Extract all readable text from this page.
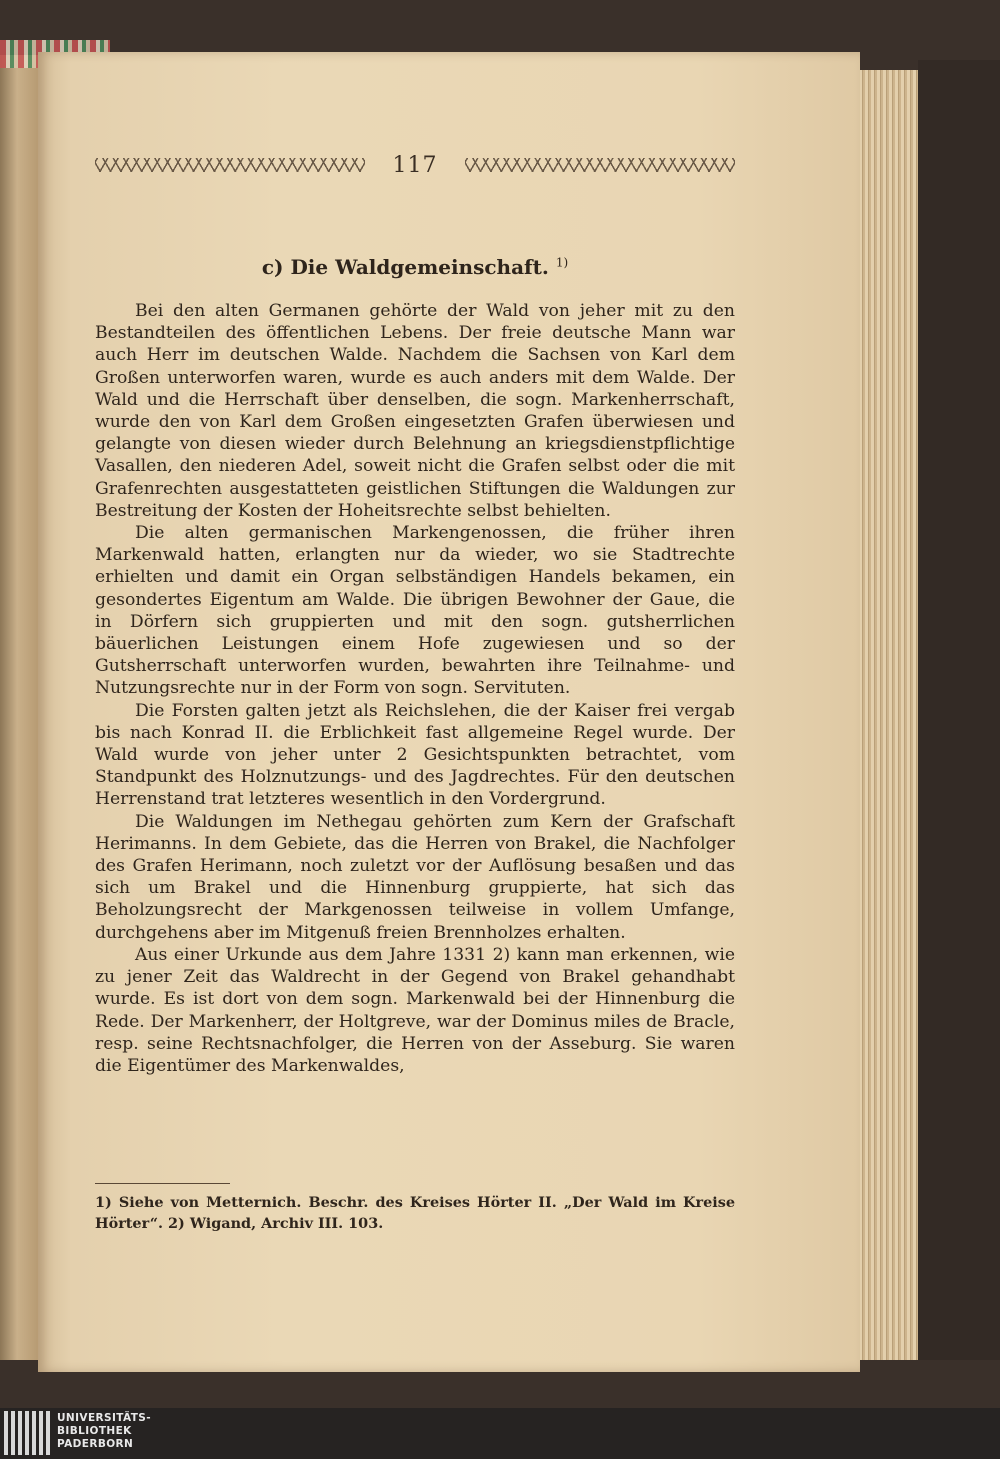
117
c) Die Waldgemeinschaft. $^{1)}$

Bei den alten Germanen gehörte der Wald von jeher mit zu den Bestandteilen des öffentlichen Lebens. Der freie deutsche Mann war auch Herr im deutschen Walde. Nachdem die Sachsen von Karl dem Großen unterworfen waren, wurde es auch anders mit dem Walde. Der Wald und die Herrschaft über denselben, die sogn. Markenherrschaft, wurde den von Karl dem Großen eingesetzten Grafen überwiesen und gelangte von diesen wieder durch Belehnung an kriegsdienstpflichtige Vasallen, den niederen Adel, soweit nicht die Grafen selbst oder die mit Grafenrechten ausgestatteten geistlichen Stiftungen die Waldungen zur Bestreitung der Kosten der Hoheitsrechte selbst behielten.

Die alten germanischen Markengenossen, die früher ihren Markenwald hatten, erlangten nur da wieder, wo sie Stadtrechte erhielten und damit ein Organ selbständigen Handels bekamen, ein gesondertes Eigentum am Walde. Die übrigen Bewohner der Gaue, die in Dörfern sich gruppierten und mit den sogn. gutsherrlichen bäuerlichen Leistungen einem Hofe zugewiesen und so der Gutsherrschaft unterworfen wurden, bewahrten ihre Teilnahme- und Nutzungsrechte nur in der Form von sogn. Servituten.

Die Forsten galten jetzt als Reichslehen, die der Kaiser frei vergab bis nach Konrad II. die Erblichkeit fast allgemeine Regel wurde. Der Wald wurde von jeher unter 2 Gesichtspunkten betrachtet, vom Standpunkt des Holznutzungs- und des Jagdrechtes. Für den deutschen Herrenstand trat letzteres wesentlich in den Vordergrund.

Die Waldungen im Nethegau gehörten zum Kern der Grafschaft Herimanns. In dem Gebiete, das die Herren von Brakel, die Nachfolger des Grafen Herimann, noch zuletzt vor der Auflösung besaßen und das sich um Brakel und die Hinnenburg gruppierte, hat sich das Beholzungsrecht der Markgenossen teilweise in vollem Umfange, durchgehens aber im Mitgenuß freien Brennholzes erhalten.

Aus einer Urkunde aus dem Jahre 1331 2) kann man erkennen, wie zu jener Zeit das Waldrecht in der Gegend von Brakel gehandhabt wurde. Es ist dort von dem sogn. Markenwald bei der Hinnenburg die Rede. Der Markenherr, der Holtgreve, war der Dominus miles de Bracle, resp. seine Rechtsnachfolger, die Herren von der Asseburg. Sie waren die Eigentümer des Markenwaldes,

1) Siehe von Metternich. Beschr. des Kreises Hörter II. „Der Wald im Kreise Hörter“. 2) Wigand, Archiv III. 103.
UNIVERSITÄTS-
BIBLIOTHEK
PADERBORN
